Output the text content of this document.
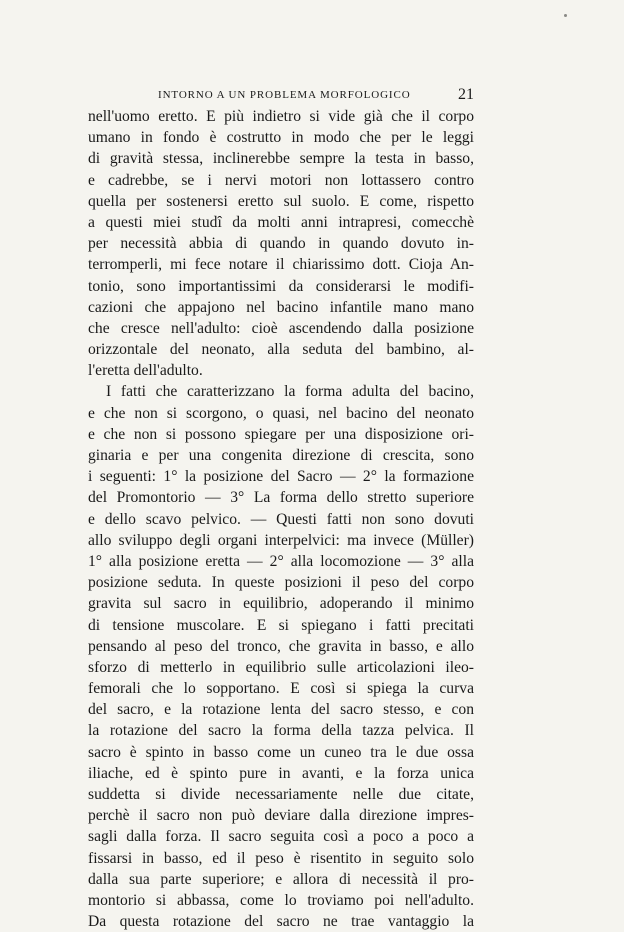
INTORNO A UN PROBLEMA MORFOLOGICO	21
nell'uomo eretto. E più indietro si vide già che il corpo
umano in fondo è costrutto in modo che per le leggi
di gravità stessa, inclinerebbe sempre la testa in basso,
e cadrebbe, se i nervi motori non lottassero contro
quella per sostenersi eretto sul suolo. E come, rispetto
a questi miei studî da molti anni intrapresi, comecchè
per necessità abbia di quando in quando dovuto in-
terromperli, mi fece notare il chiarissimo dott. Cioja An-
tonio, sono importantissimi da considerarsi le modifi-
cazioni che appajono nel bacino infantile mano mano
che cresce nell'adulto: cioè ascendendo dalla posizione
orizzontale del neonato, alla seduta del bambino, al-
l'eretta dell'adulto.
I fatti che caratterizzano la forma adulta del bacino,
e che non si scorgono, o quasi, nel bacino del neonato
e che non si possono spiegare per una disposizione ori-
ginaria e per una congenita direzione di crescita, sono
i seguenti: 1° la posizione del Sacro — 2° la formazione
del Promontorio — 3° La forma dello stretto superiore
e dello scavo pelvico. — Questi fatti non sono dovuti
allo sviluppo degli organi interpelvici: ma invece (Müller)
1° alla posizione eretta — 2° alla locomozione — 3° alla
posizione seduta. In queste posizioni il peso del corpo
gravita sul sacro in equilibrio, adoperando il minimo
di tensione muscolare. E si spiegano i fatti precitati
pensando al peso del tronco, che gravita in basso, e allo
sforzo di metterlo in equilibrio sulle articolazioni ileo-
femorali che lo sopportano. E così si spiega la curva
del sacro, e la rotazione lenta del sacro stesso, e con
la rotazione del sacro la forma della tazza pelvica. Il
sacro è spinto in basso come un cuneo tra le due ossa
iliache, ed è spinto pure in avanti, e la forza unica
suddetta si divide necessariamente nelle due citate,
perchè il sacro non può deviare dalla direzione impres-
sagli dalla forza. Il sacro seguita così a poco a poco a
fissarsi in basso, ed il peso è risentito in seguito solo
dalla sua parte superiore; e allora di necessità il pro-
montorio si abbassa, come lo troviamo poi nell'adulto.
Da questa rotazione del sacro ne trae vantaggio la
